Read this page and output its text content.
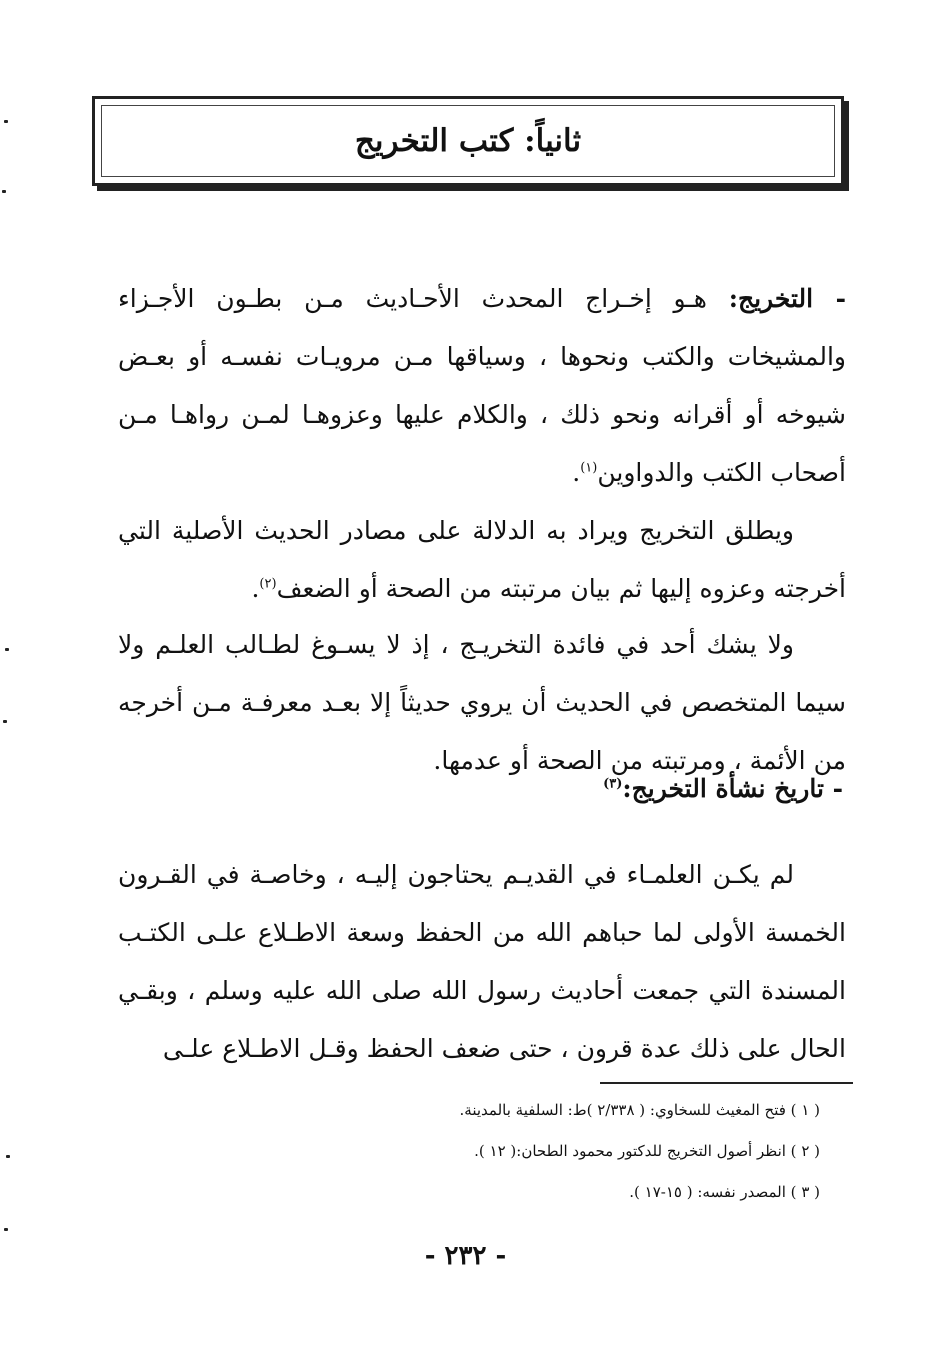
ثانياً: كتب التخريج

- التخريج: هـو إخـراج المحدث الأحـاديث مـن بطـون الأجـزاء والمشيخات والكتب ونحوها ، وسياقها مـن مرويـات نفسـه أو بعـض شيوخه أو أقرانه ونحو ذلك ، والكلام عليها وعزوهـا لمـن رواهـا مـن أصحاب الكتب والدواوين$^{(١)}$.

ويطلق التخريج ويراد به الدلالة على مصادر الحديث الأصلية التي أخرجته وعزوه إليها ثم بيان مرتبته من الصحة أو الضعف$^{(٢)}$.

ولا يشك أحد في فائدة التخريـج ، إذ لا يسـوغ لطـالب العلـم ولا سيما المتخصص في الحديث أن يروي حديثاً إلا بعـد معرفـة مـن أخرجه من الأئمة ، ومرتبته من الصحة أو عدمها.

- تاريخ نشأة التخريج:$^{(٣)}$

لم يكـن العلمـاء في القديـم يحتاجون إليـه ، وخاصـة في القـرون الخمسة الأولى لما حباهم الله من الحفظ وسعة الاطـلاع علـى الكتـب المسندة التي جمعت أحاديث رسول الله صلى الله عليه وسلم ، وبقـي الحال على ذلك عدة قرون ، حتى ضعف الحفظ وقـل الاطـلاع علـى

( ١ ) فتح المغيث للسخاوي: ( ٢/٣٣٨ )ط: السلفية بالمدينة.
( ٢ ) انظر أصول التخريج للدكتور محمود الطحان:( ١٢ ).
( ٣ ) المصدر نفسه: ( ١٥-١٧ ).
- ٢٣٢ -
